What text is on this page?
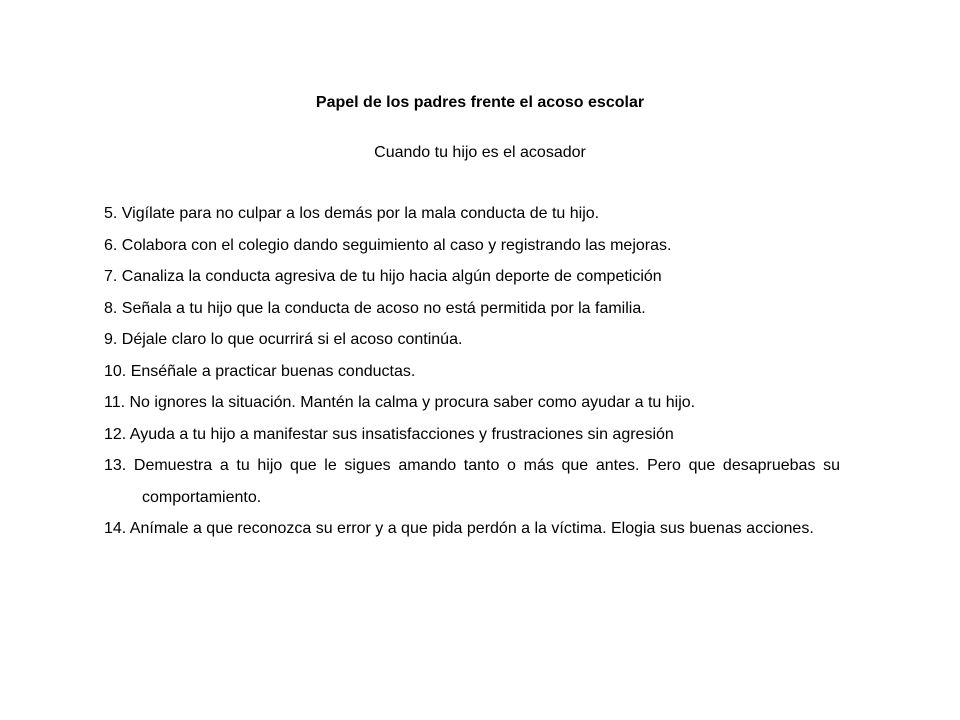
Papel de los padres frente el acoso escolar
Cuando tu hijo es el acosador
5. Vigílate para no culpar a los demás por la mala conducta de tu hijo.
6. Colabora con el colegio dando seguimiento al caso y registrando las mejoras.
7. Canaliza la conducta agresiva de tu hijo hacia algún deporte de competición
8. Señala a tu hijo que la conducta de acoso no está permitida por la familia.
9. Déjale claro lo que ocurrirá si el acoso continúa.
10. Enséñale a practicar buenas conductas.
11. No ignores la situación. Mantén la calma y procura saber como ayudar a tu hijo.
12. Ayuda a tu hijo a manifestar sus insatisfacciones y frustraciones sin agresión
13. Demuestra a tu hijo que le sigues amando tanto o más que antes. Pero que desapruebas su comportamiento.
14. Anímale a que reconozca su error y a que pida perdón a la víctima. Elogia sus buenas acciones.
